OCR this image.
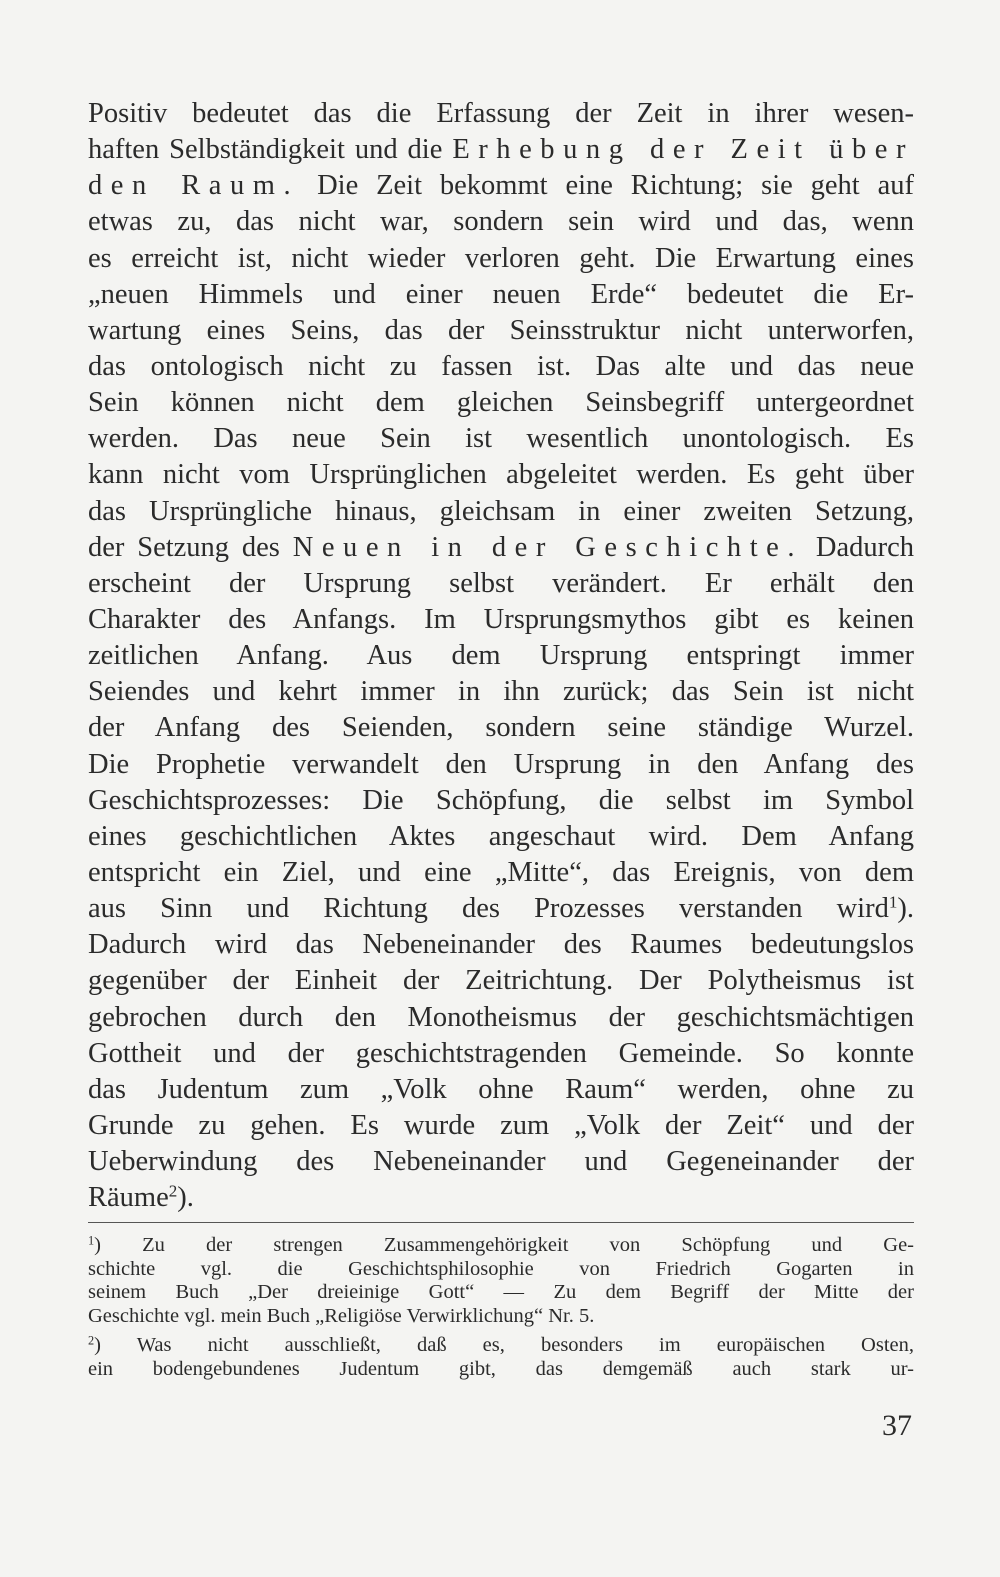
Positiv bedeutet das die Erfassung der Zeit in ihrer wesen-
haften Selbständigkeit und die Erhebung der Zeit über
den Raum. Die Zeit bekommt eine Richtung; sie geht auf
etwas zu, das nicht war, sondern sein wird und das, wenn
es erreicht ist, nicht wieder verloren geht. Die Erwartung eines
„neuen Himmels und einer neuen Erde“ bedeutet die Er-
wartung eines Seins, das der Seinsstruktur nicht unterworfen,
das ontologisch nicht zu fassen ist. Das alte und das neue
Sein können nicht dem gleichen Seinsbegriff untergeordnet
werden. Das neue Sein ist wesentlich unontologisch. Es
kann nicht vom Ursprünglichen abgeleitet werden. Es geht über
das Ursprüngliche hinaus, gleichsam in einer zweiten Setzung,
der Setzung des Neuen in der Geschichte. Dadurch
erscheint der Ursprung selbst verändert. Er erhält den
Charakter des Anfangs. Im Ursprungsmythos gibt es keinen
zeitlichen Anfang. Aus dem Ursprung entspringt immer
Seiendes und kehrt immer in ihn zurück; das Sein ist nicht
der Anfang des Seienden, sondern seine ständige Wurzel.
Die Prophetie verwandelt den Ursprung in den Anfang des
Geschichtsprozesses: Die Schöpfung, die selbst im Symbol
eines geschichtlichen Aktes angeschaut wird. Dem Anfang
entspricht ein Ziel, und eine „Mitte“, das Ereignis, von dem
aus Sinn und Richtung des Prozesses verstanden wird$^1$).
Dadurch wird das Nebeneinander des Raumes bedeutungslos
gegenüber der Einheit der Zeitrichtung. Der Polytheismus ist
gebrochen durch den Monotheismus der geschichtsmächtigen
Gottheit und der geschichtstragenden Gemeinde. So konnte
das Judentum zum „Volk ohne Raum“ werden, ohne zu
Grunde zu gehen. Es wurde zum „Volk der Zeit“ und der
Ueberwindung des Nebeneinander und Gegeneinander der
Räume$^2$).
$^1$) Zu der strengen Zusammengehörigkeit von Schöpfung und Ge-
schichte vgl. die Geschichtsphilosophie von Friedrich Gogarten in
seinem Buch „Der dreieinige Gott“ — Zu dem Begriff der Mitte der
Geschichte vgl. mein Buch „Religiöse Verwirklichung“ Nr. 5.
$^2$) Was nicht ausschließt, daß es, besonders im europäischen Osten,
ein bodengebundenes Judentum gibt, das demgemäß auch stark ur-
37
